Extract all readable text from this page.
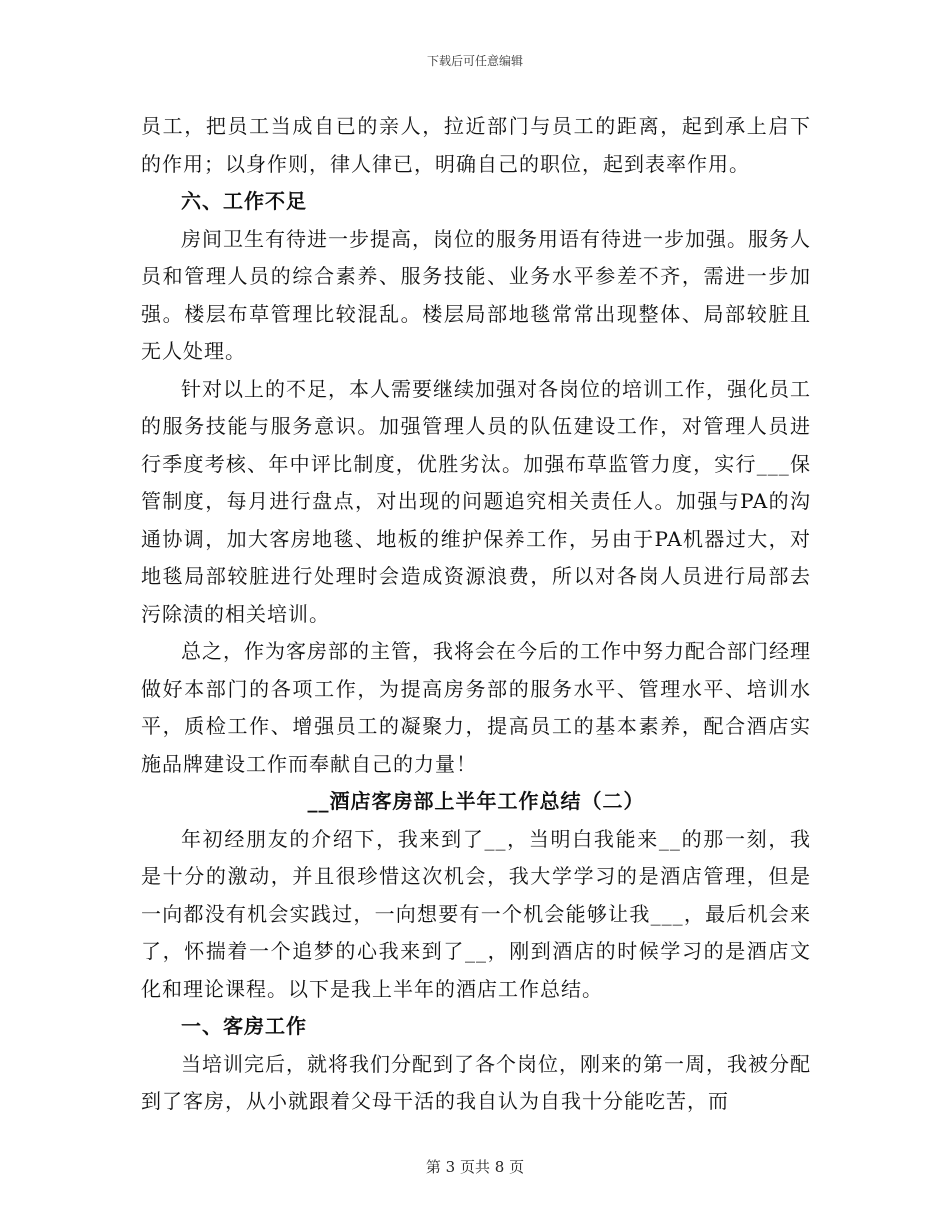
下载后可任意编辑

员工，把员工当成自已的亲人，拉近部门与员工的距离，起到承上启下的作用；以身作则，律人律已，明确自己的职位，起到表率作用。

六、工作不足

房间卫生有待进一步提高，岗位的服务用语有待进一步加强。服务人员和管理人员的综合素养、服务技能、业务水平参差不齐，需进一步加强。楼层布草管理比较混乱。楼层局部地毯常常出现整体、局部较脏且无人处理。

针对以上的不足，本人需要继续加强对各岗位的培训工作，强化员工的服务技能与服务意识。加强管理人员的队伍建设工作，对管理人员进行季度考核、年中评比制度，优胜劣汰。加强布草监管力度，实行___保管制度，每月进行盘点，对出现的问题追究相关责任人。加强与PA的沟通协调，加大客房地毯、地板的维护保养工作，另由于PA机器过大，对地毯局部较脏进行处理时会造成资源浪费，所以对各岗人员进行局部去污除渍的相关培训。

总之，作为客房部的主管，我将会在今后的工作中努力配合部门经理做好本部门的各项工作，为提高房务部的服务水平、管理水平、培训水平，质检工作、增强员工的凝聚力，提高员工的基本素养，配合酒店实施品牌建设工作而奉献自己的力量！

__酒店客房部上半年工作总结（二）

年初经朋友的介绍下，我来到了__，当明白我能来__的那一刻，我是十分的激动，并且很珍惜这次机会，我大学学习的是酒店管理，但是一向都没有机会实践过，一向想要有一个机会能够让我___，最后机会来了，怀揣着一个追梦的心我来到了__，刚到酒店的时候学习的是酒店文化和理论课程。以下是我上半年的酒店工作总结。

一、客房工作

当培训完后，就将我们分配到了各个岗位，刚来的第一周，我被分配到了客房，从小就跟着父母干活的我自认为自我十分能吃苦，而

第 3 页共 8 页
